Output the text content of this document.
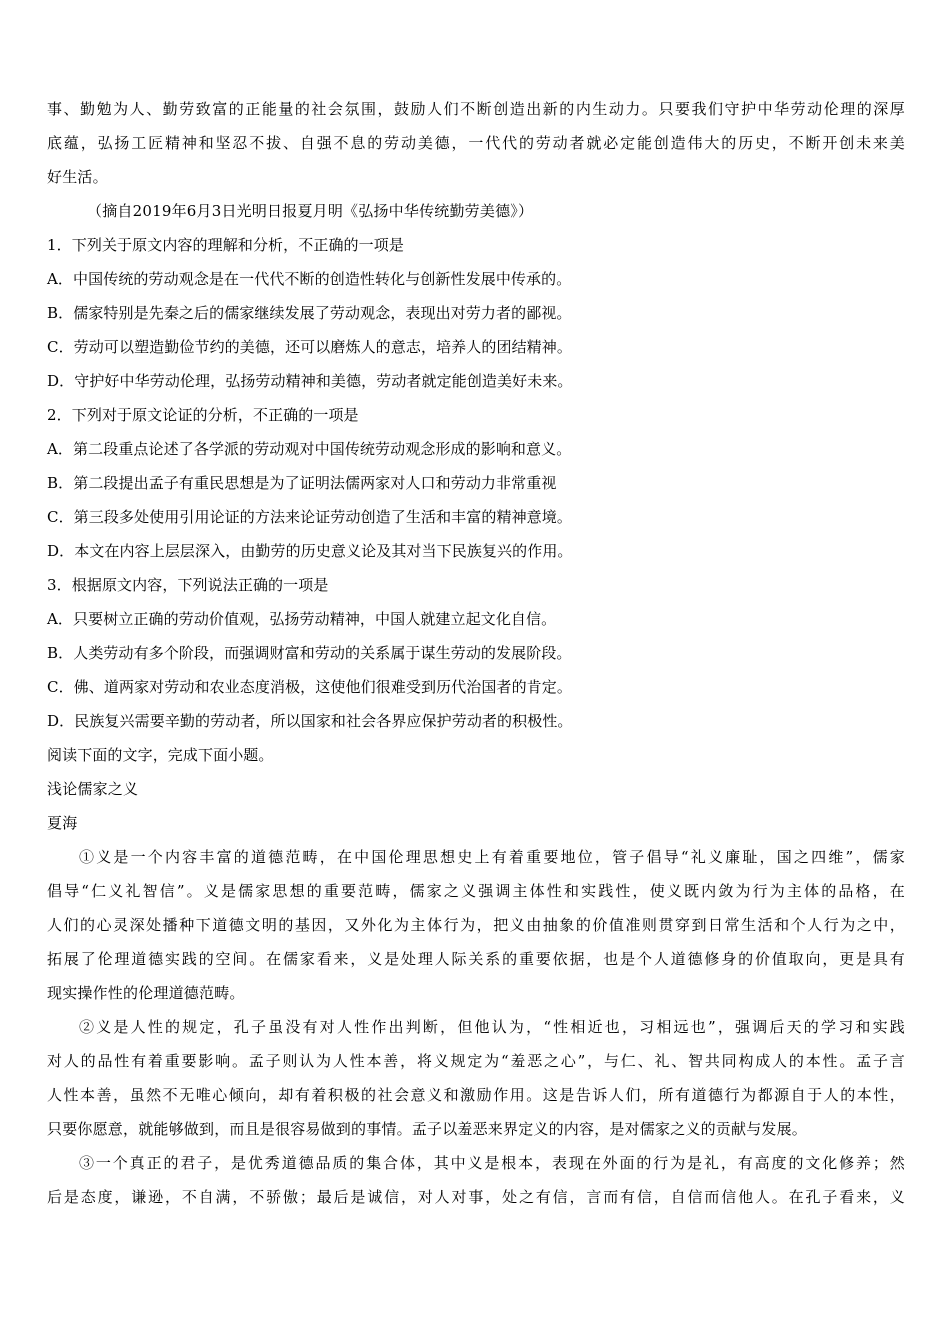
事、勤勉为人、勤劳致富的正能量的社会氛围，鼓励人们不断创造出新的内生动力。只要我们守护中华劳动伦理的深厚
底蕴，弘扬工匠精神和坚忍不拔、自强不息的劳动美德，一代代的劳动者就必定能创造伟大的历史，不断开创未来美
好生活。
（摘自2019年6月3日光明日报夏月明《弘扬中华传统勤劳美德》）
1．下列关于原文内容的理解和分析，不正确的一项是
A．中国传统的劳动观念是在一代代不断的创造性转化与创新性发展中传承的。
B．儒家特别是先秦之后的儒家继续发展了劳动观念，表现出对劳力者的鄙视。
C．劳动可以塑造勤俭节约的美德，还可以磨炼人的意志，培养人的团结精神。
D．守护好中华劳动伦理，弘扬劳动精神和美德，劳动者就定能创造美好未来。
2．下列对于原文论证的分析，不正确的一项是
A．第二段重点论述了各学派的劳动观对中国传统劳动观念形成的影响和意义。
B．第二段提出孟子有重民思想是为了证明法儒两家对人口和劳动力非常重视
C．第三段多处使用引用论证的方法来论证劳动创造了生活和丰富的精神意境。
D．本文在内容上层层深入，由勤劳的历史意义论及其对当下民族复兴的作用。
3．根据原文内容，下列说法正确的一项是
A．只要树立正确的劳动价值观，弘扬劳动精神，中国人就建立起文化自信。
B．人类劳动有多个阶段，而强调财富和劳动的关系属于谋生劳动的发展阶段。
C．佛、道两家对劳动和农业态度消极，这使他们很难受到历代治国者的肯定。
D．民族复兴需要辛勤的劳动者，所以国家和社会各界应保护劳动者的积极性。
阅读下面的文字，完成下面小题。
浅论儒家之义
夏海
①义是一个内容丰富的道德范畴，在中国伦理思想史上有着重要地位，管子倡导“礼义廉耻，国之四维”，儒家
倡导“仁义礼智信”。义是儒家思想的重要范畴，儒家之义强调主体性和实践性，使义既内敛为行为主体的品格，在
人们的心灵深处播种下道德文明的基因，又外化为主体行为，把义由抽象的价值准则贯穿到日常生活和个人行为之中，
拓展了伦理道德实践的空间。在儒家看来，义是处理人际关系的重要依据，也是个人道德修身的价值取向，更是具有
现实操作性的伦理道德范畴。
②义是人性的规定，孔子虽没有对人性作出判断，但他认为，“性相近也，习相远也”，强调后天的学习和实践
对人的品性有着重要影响。孟子则认为人性本善，将义规定为“羞恶之心”，与仁、礼、智共同构成人的本性。孟子言
人性本善，虽然不无唯心倾向，却有着积极的社会意义和激励作用。这是告诉人们，所有道德行为都源自于人的本性，
只要你愿意，就能够做到，而且是很容易做到的事情。孟子以羞恶来界定义的内容，是对儒家之义的贡献与发展。
③一个真正的君子，是优秀道德品质的集合体，其中义是根本，表现在外面的行为是礼，有高度的文化修养；然
后是态度，谦逊，不自满，不骄傲；最后是诚信，对人对事，处之有信，言而有信，自信而信他人。在孔子看来，义
